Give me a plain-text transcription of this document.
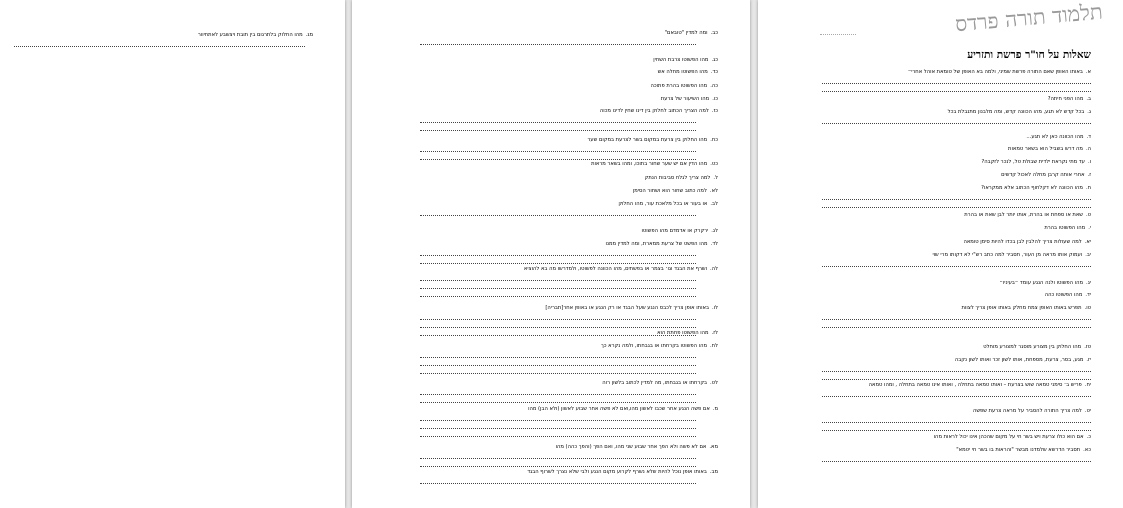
תלמוד תורה פרדס
שאלות על חו"ר פרשת ותזריע
א.באותו האופן שאם התורה פרשת שמיני, ולמה בא האופן של טומאת אוהל אחרי״
ב.מהו הפני חיתה?
ג.בכל קדש לא תגע, מהו הכוונה קדש, ומה מלבנון מתנבלת בכל
ד.מהו הכוונה כאן לא תגע...
ה.מה דרש בשביל הוא בשאר טמאות
ו.עד מתי נקראת ילדית שבולת טל, לנכר לזקבה?
ז.אחרי אותה קרבן מחלה לאכול קדשים
ח.מהו הכוונה לא דקלחוף הכתוב אלא ממקראו?
ט.שאת או ספחת או בהרת, אותו יותר לבן שאת או בהרת
י.מהו הפשוטו בהרת
יא.למה שעולות צריך להלבין לבן בכדו להיות סימן טומאה
יב.ועמוק אותו מראה מן העור, תסביר למה כתב רש"י לא דקותו מרי שוי
יג.מהו הפשוטו ולנה הנגע עומד ״בעיניו״
יד.מהו הפשוטו כהה
טו.תפרש באותו האופן צמח מחלק באותו אופן צריך לצוות
טז.מהו החלוק בין מצורע מוסגר למצורע מוחלט
יז.מגע, בסר, צרעת, מספחת, אותו לשון זכר ואותו לשון נקבה
יח.פריש ב׳ סימני טמאה שוש בצרעת – ואותו טמאה בתחלה , ואותו אינו טמאה בתחלה , ומהו טמאה
יט.למה צריך התורה להסביר על מראה צרעת שפשה
כ.אם הוא כולו צרעת ויש בשר חי על מקום שהכהן אינו יכול לראות מהו
כא.תסביר הדרשא שלמדנו מבשר "והראות בו בשר חי יטמא"
כב.ומה למדין "טובאם"
כג.מהו הפשוטו צרבת השחין
כד.מהו הפשוטו מחלה אש
כה.מהו הפשוטו בהרת פתוכה
כו.מהו השיעור של צרעת
כז.למה הצריך הכתוב לחלוק בין דינו שחין לדינו מכוה
כח.מהו החלוק בין צרעת במקום בשר לצרעת במקום שער
כט.מהו הדין אם יש שער שחור בתוכו, ומהו בשאר מראות
ל.למה צריך לגלח סביבות הנתק
לא.למה כתוב שחור הוא ושחור הסימן
לב.או בעור או בכל מלאכת עור, מהו החלוק
לג.ירקרק או אדמדם מהו הפשוטו
לד.מהו הפשט של צרעת ממארת, ומה למדין ממנו
לה.ושרף את הבגד וגו׳ בצמר או בפשתים, מהו הכוונה לפשוטו, ולמדרשו מה בא להוציא
לו.באותו אופן צריך לכבס הנגע שעל הבגד או רק הנגע או באופן אחר[תבריה]
לז.מהו הפשוטו פחתת הוא
לח.מהו הפשוטו בקרחתו או בגבחתו, ולמה נקרא כך
לט.בקרחתו או בגבחתו, מה למדין לכתוב בלשון רוה
מ.אם פשה הנגע אחר שכבו לאשון מהו,ואם לא פשה אחר שבוע לאשון (ולא הבן) מהו
מא.אם לא פשה ולא הפך אחר שבוע שני מהו, ואם הפך (והפך כהה) מהו
מב.באותו אופן נוכל להיות שלא נשרף לקרוע מקום הנגע ולבי שלא נצרך לשרוף הבגד
מג.מהו החלוק בלתרגום בין תובת ויצשבע לאתחיוור
